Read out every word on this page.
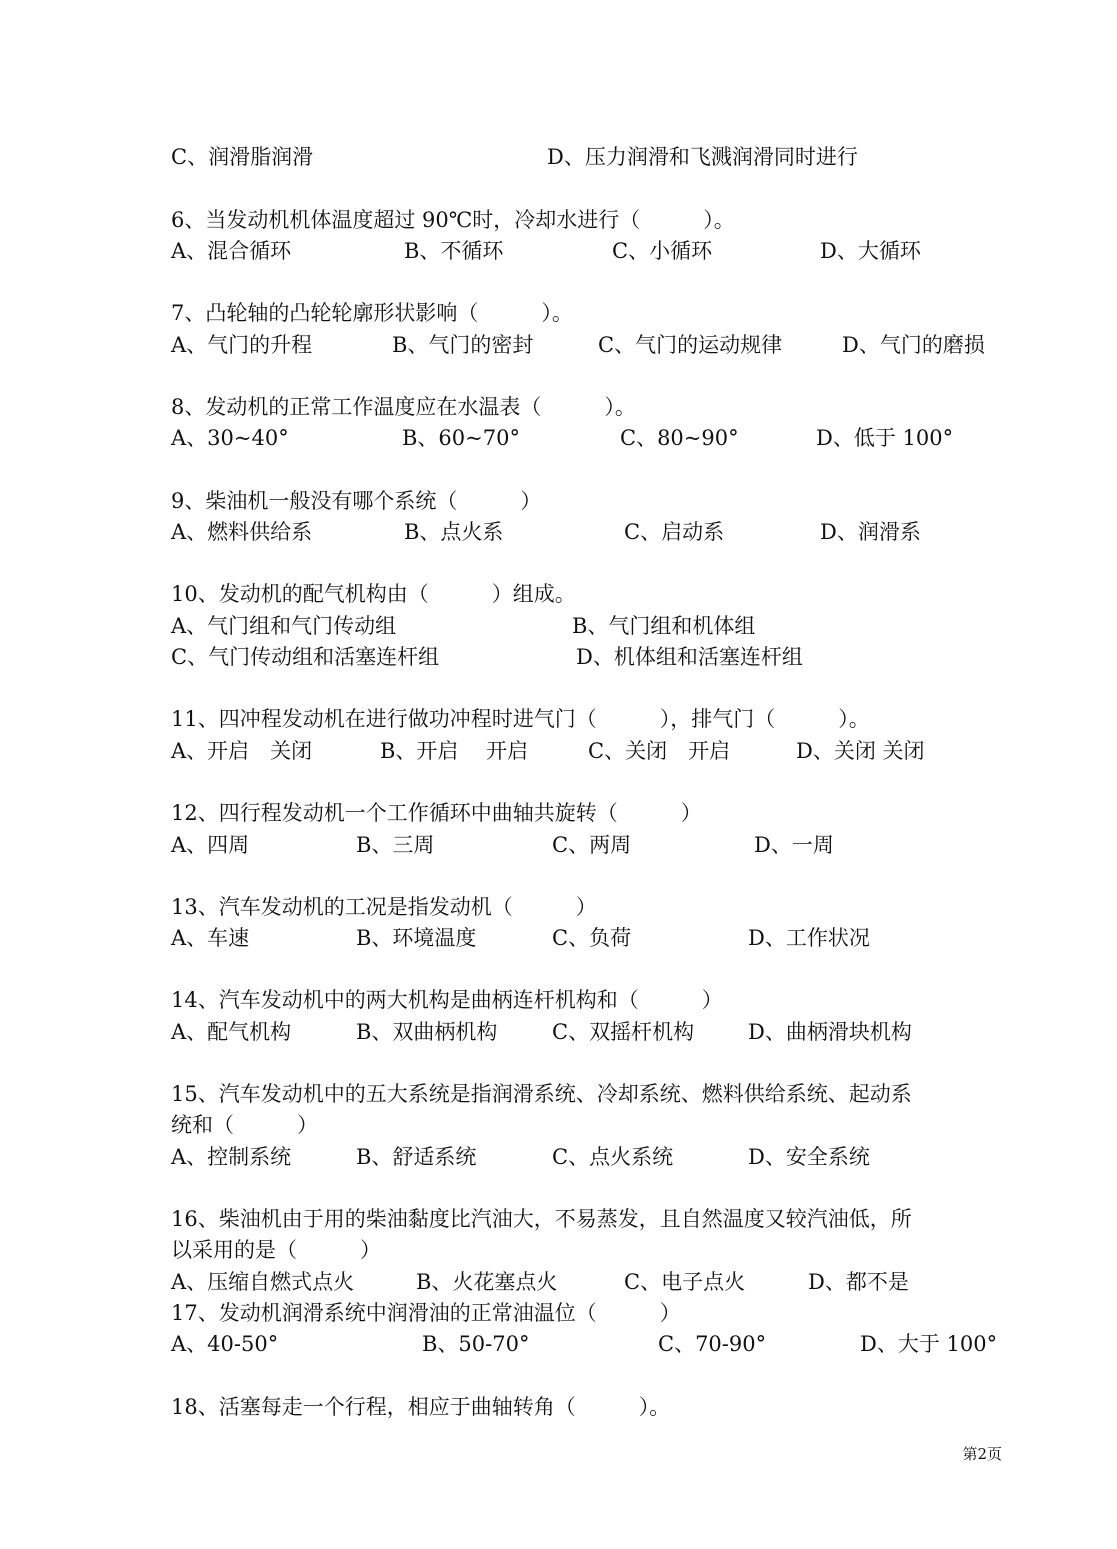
C、润滑脂润滑	D、压力润滑和飞溅润滑同时进行
6、当发动机机体温度超过 90℃时，冷却水进行（　　　）。
A、混合循环	B、不循环	C、小循环	D、大循环
7、凸轮轴的凸轮轮廓形状影响（　　　）。
A、气门的升程	B、气门的密封	C、气门的运动规律	D、气门的磨损
8、发动机的正常工作温度应在水温表（　　　）。
A、30~40°	B、60~70°	C、80~90°	D、低于 100°
9、柴油机一般没有哪个系统（　　　）
A、燃料供给系	B、点火系	C、启动系	D、润滑系
10、发动机的配气机构由（　　　）组成。
A、气门组和气门传动组	B、气门组和机体组
C、气门传动组和活塞连杆组	D、机体组和活塞连杆组
11、四冲程发动机在进行做功冲程时进气门（　　　），排气门（　　　）。
A、开启　关闭	B、开启　 开启	C、关闭　开启	D、关闭 关闭
12、四行程发动机一个工作循环中曲轴共旋转（　　　）
A、四周	B、三周	C、两周	D、一周
13、汽车发动机的工况是指发动机（　　　）
A、车速	B、环境温度	C、负荷	D、工作状况
14、汽车发动机中的两大机构是曲柄连杆机构和（　　　）
A、配气机构	B、双曲柄机构	C、双摇杆机构	D、曲柄滑块机构
15、汽车发动机中的五大系统是指润滑系统、冷却系统、燃料供给系统、起动系
统和（　　　）
A、控制系统	B、舒适系统	C、点火系统	D、安全系统
16、柴油机由于用的柴油黏度比汽油大，不易蒸发，且自然温度又较汽油低，所
以采用的是（　　　）
A、压缩自燃式点火	B、火花塞点火	C、电子点火	D、都不是
17、发动机润滑系统中润滑油的正常油温位（　　　）
A、40-50°	B、50-70°	C、70-90°	D、大于 100°
18、活塞每走一个行程，相应于曲轴转角（　　　）。
第2页
